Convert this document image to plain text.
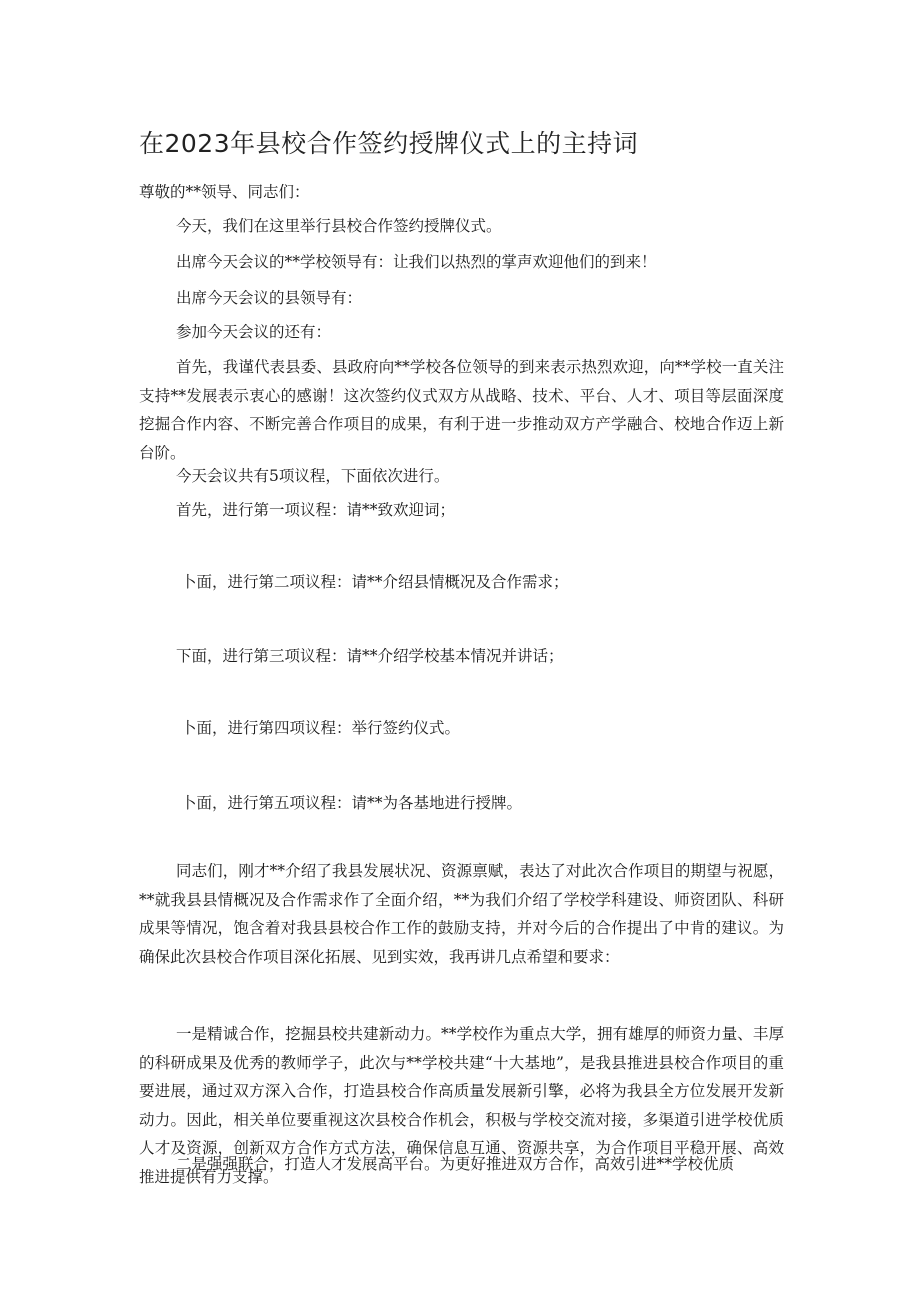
在2023年县校合作签约授牌仪式上的主持词

尊敬的**领导、同志们：

今天，我们在这里举行县校合作签约授牌仪式。

出席今天会议的**学校领导有：让我们以热烈的掌声欢迎他们的到来！

出席今天会议的县领导有：

参加今天会议的还有：

首先，我谨代表县委、县政府向**学校各位领导的到来表示热烈欢迎，向**学校一直关注支持**发展表示衷心的感谢！这次签约仪式双方从战略、技术、平台、人才、项目等层面深度挖掘合作内容、不断完善合作项目的成果，有利于进一步推动双方产学融合、校地合作迈上新台阶。

今天会议共有5项议程，下面依次进行。

首先，进行第一项议程：请**致欢迎词；

卜面，进行第二项议程：请**介绍县情概况及合作需求；

下面，进行第三项议程：请**介绍学校基本情况并讲话；

卜面，进行第四项议程：举行签约仪式。

卜面，进行第五项议程：请**为各基地进行授牌。

同志们，刚才**介绍了我县发展状况、资源禀赋，表达了对此次合作项目的期望与祝愿，**就我县县情概况及合作需求作了全面介绍，**为我们介绍了学校学科建设、师资团队、科研成果等情况，饱含着对我县县校合作工作的鼓励支持，并对今后的合作提出了中肯的建议。为确保此次县校合作项目深化拓展、见到实效，我再讲几点希望和要求：

一是精诚合作，挖掘县校共建新动力。**学校作为重点大学，拥有雄厚的师资力量、丰厚的科研成果及优秀的教师学子，此次与**学校共建“十大基地”，是我县推进县校合作项目的重要进展，通过双方深入合作，打造县校合作高质量发展新引擎，必将为我县全方位发展开发新动力。因此，相关单位要重视这次县校合作机会，积极与学校交流对接，多渠道引进学校优质人才及资源，创新双方合作方式方法，确保信息互通、资源共享，为合作项目平稳开展、高效推进提供有力支撑。

二是强强联合，打造人才发展高平台。为更好推进双方合作，高效引进**学校优质
